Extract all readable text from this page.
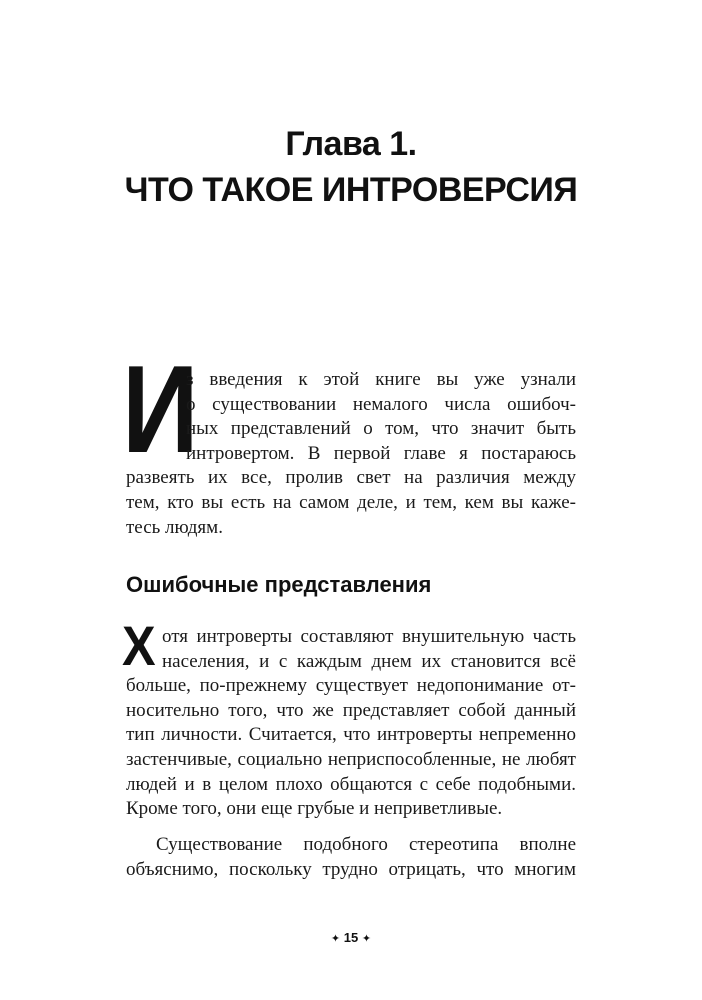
Глава 1.
ЧТО ТАКОЕ ИНТРОВЕРСИЯ
И
з введения к этой книге вы уже узнали
о существовании немалого числа ошибоч-
ных представлений о том, что значит быть
интровертом. В первой главе я постараюсь
развеять их все, пролив свет на различия между
тем, кто вы есть на самом деле, и тем, кем вы каже-
тесь людям.
Ошибочные представления
Х отя интроверты составляют внушительную часть
населения, и с каждым днем их становится всё
больше, по-прежнему существует недопонимание от-
носительно того, что же представляет собой данный
тип личности. Считается, что интроверты непременно
застенчивые, социально неприспособленные, не любят
людей и в целом плохо общаются с себе подобными.
Кроме того, они еще грубые и неприветливые.
Существование подобного стереотипа вполне
объяснимо, поскольку трудно отрицать, что многим
✦ 15 ✦
